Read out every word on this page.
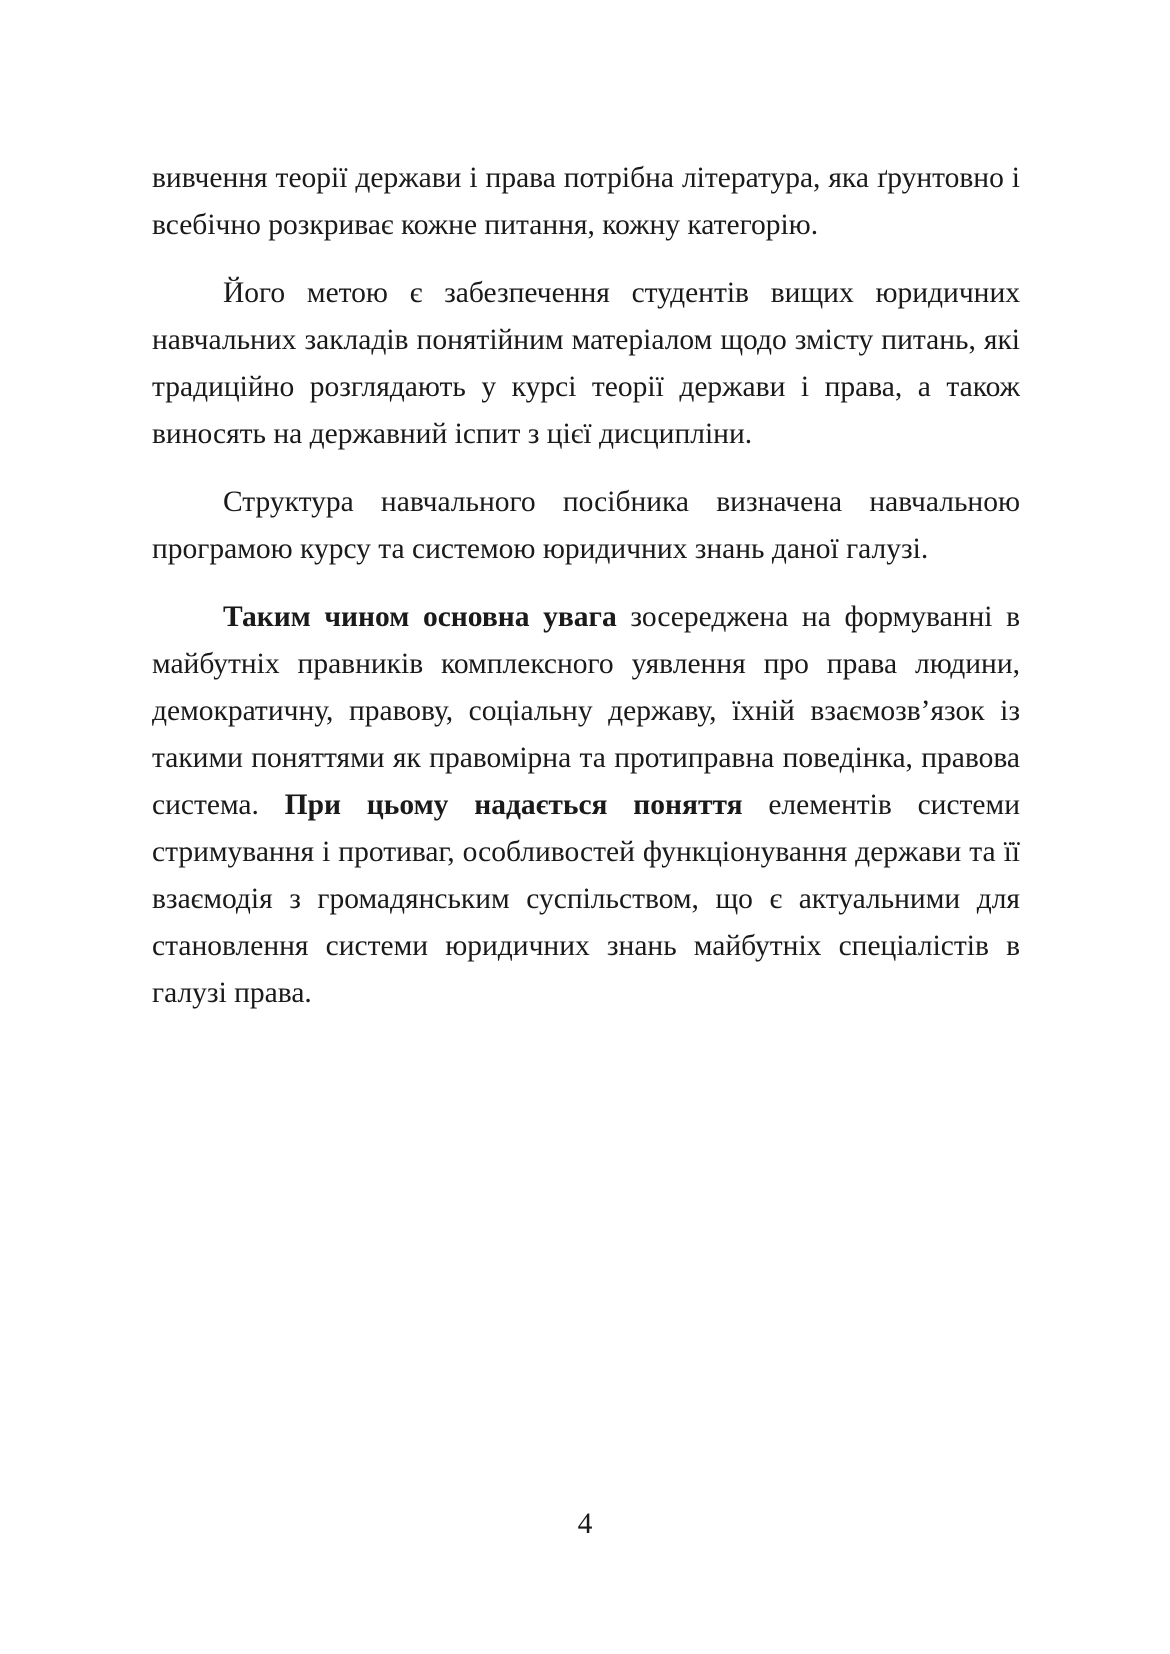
вивчення теорії держави і права потрібна література, яка ґрунтовно і всебічно розкриває кожне питання, кожну категорію.

Його метою є забезпечення студентів вищих юридичних навчальних закладів понятійним матеріалом щодо змісту питань, які традиційно розглядають у курсі теорії держави і права, а також виносять на державний іспит з цієї дисципліни.

Структура навчального посібника визначена навчальною програмою курсу та системою юридичних знань даної галузі.

Таким чином основна увага зосереджена на формуванні в майбутніх правників комплексного уявлення про права людини, демократичну, правову, соціальну державу, їхній взаємозв’язок із такими поняттями як правомірна та протиправна поведінка, правова система. При цьому надається поняття елементів системи стримування і противаг, особливостей функціонування держави та її взаємодія з громадянським суспільством, що є актуальними для становлення системи юридичних знань майбутніх спеціалістів в галузі права.

4
